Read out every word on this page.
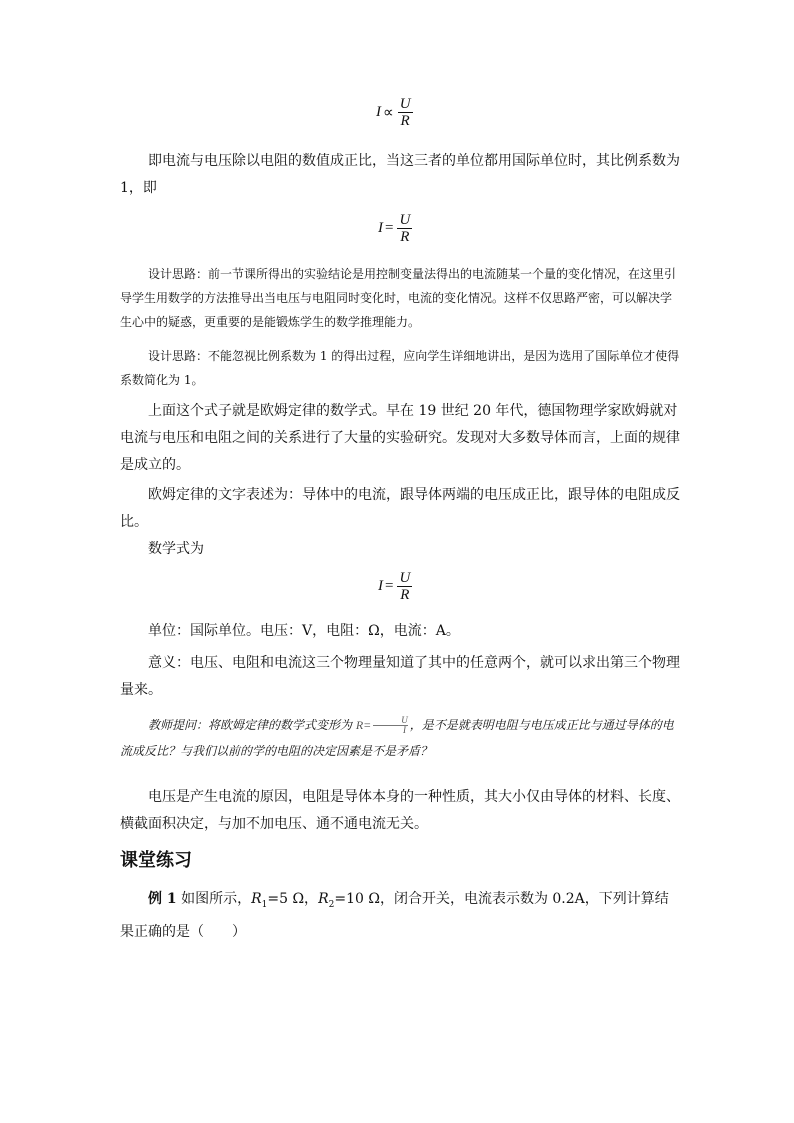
$I \propto \frac{U}{R}$
即电流与电压除以电阻的数值成正比，当这三者的单位都用国际单位时，其比例系数为1，即
$I = \frac{U}{R}$
设计思路：前一节课所得出的实验结论是用控制变量法得出的电流随某一个量的变化情况，在这里引导学生用数学的方法推导出当电压与电阻同时变化时，电流的变化情况。这样不仅思路严密，可以解决学生心中的疑惑，更重要的是能锻炼学生的数学推理能力。
设计思路：不能忽视比例系数为 1 的得出过程，应向学生详细地讲出，是因为选用了国际单位才使得系数简化为 1。
上面这个式子就是欧姆定律的数学式。早在 19 世纪 20 年代，德国物理学家欧姆就对电流与电压和电阻之间的关系进行了大量的实验研究。发现对大多数导体而言，上面的规律是成立的。
欧姆定律的文字表述为：导体中的电流，跟导体两端的电压成正比，跟导体的电阻成反比。
数学式为
$I = \frac{U}{R}$
单位：国际单位。电压：V，电阻：Ω，电流：A。
意义：电压、电阻和电流这三个物理量知道了其中的任意两个，就可以求出第三个物理量来。
教师提问：将欧姆定律的数学式变形为 $R= \frac{U}{I}$ ，是不是就表明电阻与电压成正比与通过导体的电流成反比？与我们以前的学的电阻的决定因素是不是矛盾？
电压是产生电流的原因，电阻是导体本身的一种性质，其大小仅由导体的材料、长度、横截面积决定，与加不加电压、通不通电流无关。
课堂练习
例 1 如图所示，$R_1=5$ Ω，$R_2=10$ Ω，闭合开关，电流表示数为 0.2A，下列计算结果正确的是（　　）
